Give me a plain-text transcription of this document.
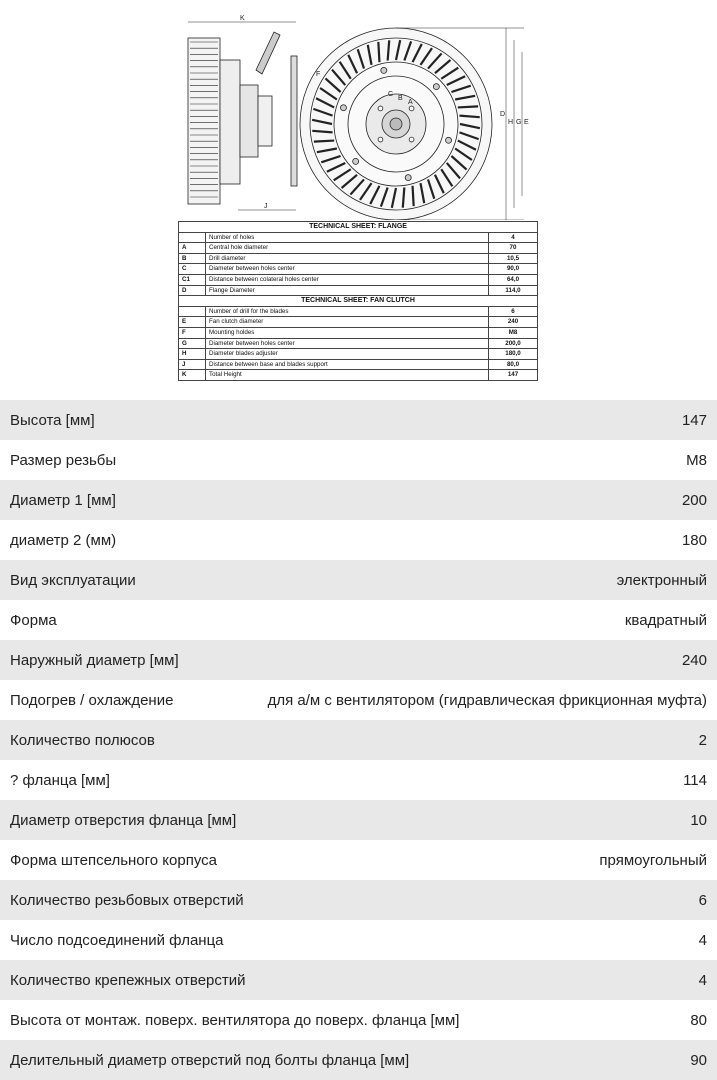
K
J
A
B
C
D
E
F
G
H
TECHNICAL SHEET: FLANGE		
	Number of holes	4
A	Central hole diameter	70
B	Drill diameter	10,5
C	Diameter between holes center	90,0
C1	Distance between colateral holes center	64,0
D	Flange Diameter	114,0
TECHNICAL SHEET: FAN CLUTCH		
	Number of drill for the blades	6
E	Fan clutch diameter	240
F	Mounting holdes	M8
G	Diameter between holes center	200,0
H	Diameter blades adjuster	180,0
J	Distance between base and blades support	80,0
K	Total Height	147
Высота [мм]	147
Размер резьбы	M8
Диаметр 1 [мм]	200
диаметр 2 (мм)	180
Вид эксплуатации	электронный
Форма	квадратный
Наружный диаметр [мм]	240
Подогрев / охлаждение	для а/м с вентилятором (гидравлическая фрикционная муфта)
Количество полюсов	2
? фланца [мм]	114
Диаметр отверстия фланца [мм]	10
Форма штепсельного корпуса	прямоугольный
Количество резьбовых отверстий	6
Число подсоединений фланца	4
Количество крепежных отверстий	4
Высота от монтаж. поверх. вентилятора до поверх. фланца [мм]	80
Делительный диаметр отверстий под болты фланца [мм]	90
